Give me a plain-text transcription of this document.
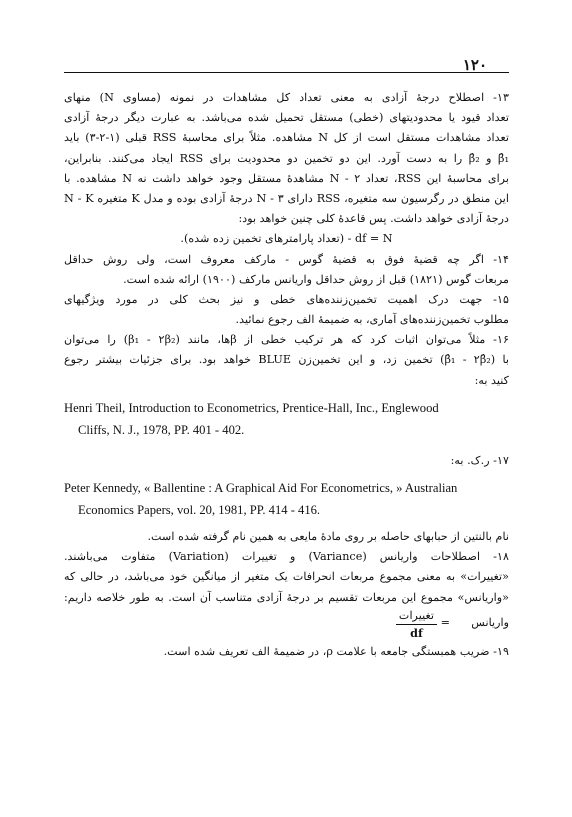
۱۲۰
۱۳- اصطلاح درجهٔ آزادی به معنی تعداد کل مشاهدات در نمونه (مساوی N) منهای
تعداد قیود یا محدودیتهای (خطی) مستقل تحمیل شده می‌باشد. به عبارت دیگر درجهٔ آزادی
تعداد مشاهدات مستقل است از کل N مشاهده. مثلاً برای محاسبهٔ RSS قبلی (۱-۲-۳) باید
β̂₁ و β̂₂ را به دست آورد. این دو تخمین دو محدودیت برای RSS ایجاد می‌کنند. بنابراین،
برای محاسبهٔ این RSS، تعداد N - ۲ مشاهدهٔ مستقل وجود خواهد داشت نه N مشاهده. با
این منطق در رگرسیون سه متغیره، RSS دارای N - ۳ درجهٔ آزادی بوده و مدل K متغیره N - K
درجهٔ آزادی خواهد داشت. پس قاعدهٔ کلی چنین خواهد بود:
df = N - (تعداد پارامترهای تخمین زده شده).
۱۴- اگر چه قضیهٔ فوق به قضیهٔ گوس - مارکف معروف است، ولی روش حداقل
مربعات گوس (۱۸۲۱) قبل از روش حداقل واریانس مارکف (۱۹۰۰) ارائه شده است.
۱۵- جهت درک اهمیت تخمین‌زننده‌های خطی و نیز بحث کلی در مورد ویژگیهای
مطلوب تخمین‌زننده‌های آماری، به ضمیمهٔ الف رجوع نمائید.
۱۶- مثلاً می‌توان اثبات کرد که هر ترکیب خطی از βها، مانند (β₁ - ۲β₂) را می‌توان
با (β̂₁ - ۲β̂₂) تخمین زد، و این تخمین‌زن BLUE خواهد بود. برای جزئیات بیشتر رجوع
کنید به:
Henri Theil, Introduction to Econometrics, Prentice-Hall, Inc., Englewood
Cliffs, N. J., 1978, PP. 401 - 402.
۱۷- ر.ک. به:
Peter Kennedy, « Ballentine : A Graphical Aid For Econometrics, » Australian
Economics Papers, vol. 20, 1981, PP. 414 - 416.
نام بالنتین از حبابهای حاصله بر روی مادهٔ مایعی به همین نام گرفته شده است.
۱۸- اصطلاحات واریانس (Variance) و تغییرات (Variation) متفاوت می‌باشند.
«تغییرات» به معنی مجموع مربعات انحرافات یک متغیر از میانگین خود می‌باشد، در حالی که
«واریانس» مجموع این مربعات تقسیم بر درجهٔ آزادی متناسب آن است. به طور خلاصه داریم:
واریانس
=
تغییرات
df
۱۹- ضریب همبستگی جامعه با علامت ρ، در ضمیمهٔ الف تعریف شده است.
